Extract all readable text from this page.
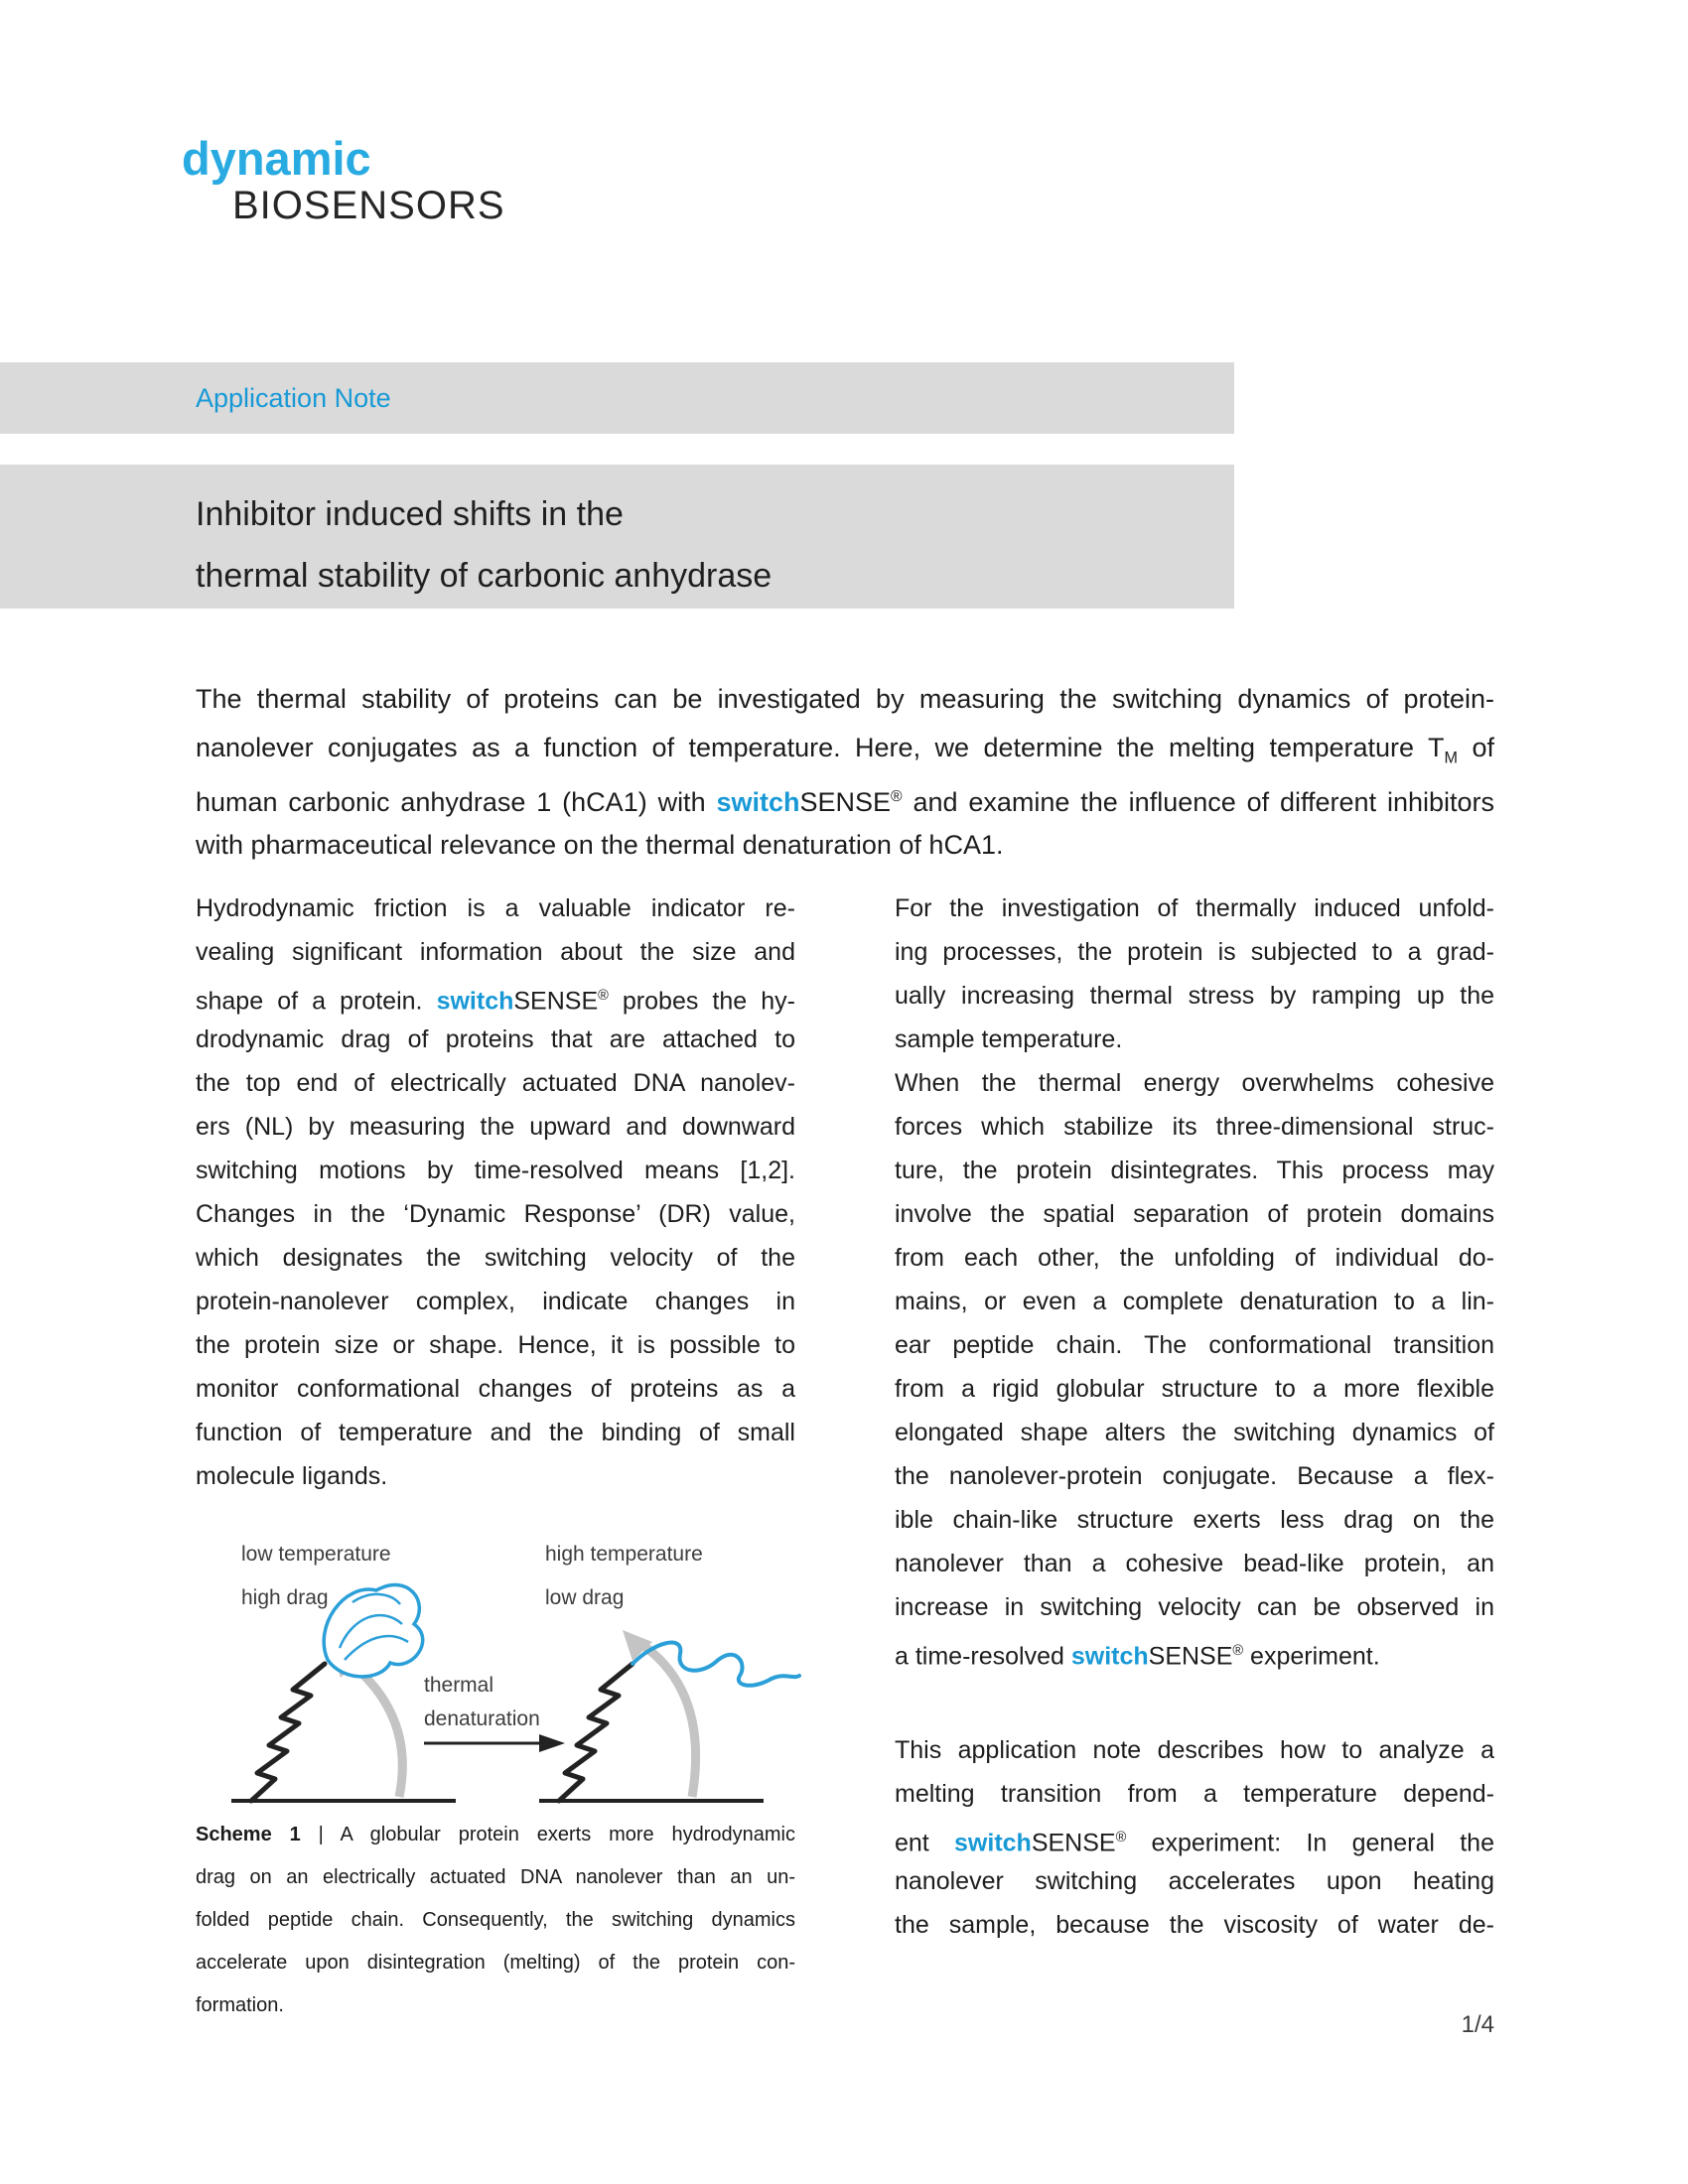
dynamic
BIOSENSORS
Application Note
Inhibitor induced shifts in the
thermal stability of carbonic anhydrase
The thermal stability of proteins can be investigated by measuring the switching dynamics of protein-
nanolever conjugates as a function of temperature. Here, we determine the melting temperature $T_M$ of
human carbonic anhydrase 1 (hCA1) with switchSENSE® and examine the influence of different inhibitors
with pharmaceutical relevance on the thermal denaturation of hCA1.
Hydrodynamic friction is a valuable indicator re-
vealing significant information about the size and
shape of a protein. switchSENSE® probes the hy-
drodynamic drag of proteins that are attached to
the top end of electrically actuated DNA nanolev-
ers (NL) by measuring the upward and downward
switching motions by time-resolved means [1,2].
Changes in the ‘Dynamic Response’ (DR) value,
which designates the switching velocity of the
protein-nanolever complex, indicate changes in
the protein size or shape. Hence, it is possible to
monitor conformational changes of proteins as a
function of temperature and the binding of small
molecule ligands.
low temperature
high drag
high temperature
low drag
thermal
denaturation
Scheme 1 | A globular protein exerts more hydrodynamic
drag on an electrically actuated DNA nanolever than an un-
folded peptide chain. Consequently, the switching dynamics
accelerate upon disintegration (melting) of the protein con-
formation.
For the investigation of thermally induced unfold-
ing processes, the protein is subjected to a grad-
ually increasing thermal stress by ramping up the
sample temperature.
When the thermal energy overwhelms cohesive
forces which stabilize its three-dimensional struc-
ture, the protein disintegrates. This process may
involve the spatial separation of protein domains
from each other, the unfolding of individual do-
mains, or even a complete denaturation to a lin-
ear peptide chain. The conformational transition
from a rigid globular structure to a more flexible
elongated shape alters the switching dynamics of
the nanolever-protein conjugate. Because a flex-
ible chain-like structure exerts less drag on the
nanolever than a cohesive bead-like protein, an
increase in switching velocity can be observed in
a time-resolved switchSENSE® experiment.
This application note describes how to analyze a
melting transition from a temperature depend-
ent switchSENSE® experiment: In general the
nanolever switching accelerates upon heating
the sample, because the viscosity of water de-
1/4
